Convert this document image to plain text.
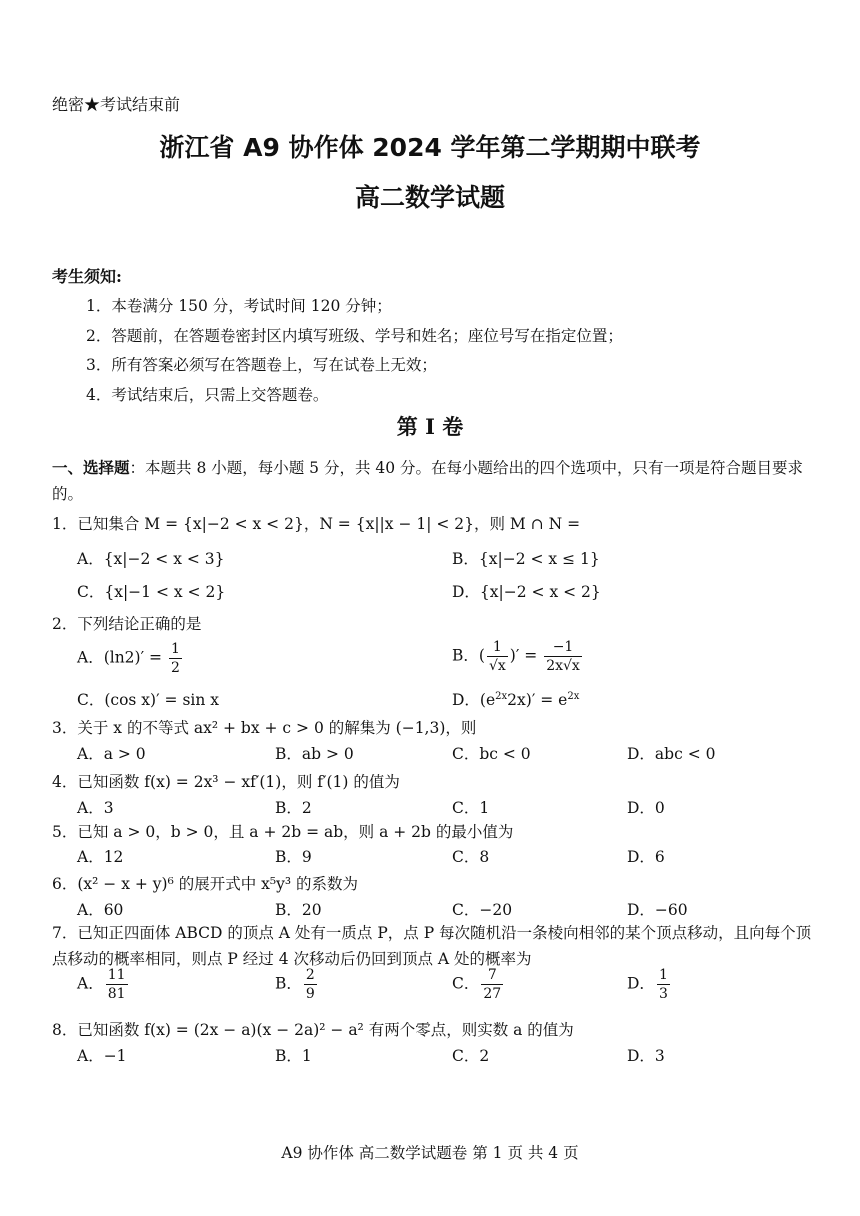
绝密★考试结束前
浙江省 A9 协作体 2024 学年第二学期期中联考
高二数学试题
考生须知:
1．本卷满分 150 分，考试时间 120 分钟；
2．答题前，在答题卷密封区内填写班级、学号和姓名；座位号写在指定位置；
3．所有答案必须写在答题卷上，写在试卷上无效；
4．考试结束后，只需上交答题卷。
第 I 卷
一、选择题：本题共 8 小题，每小题 5 分，共 40 分。在每小题给出的四个选项中，只有一项是符合题目要求的。
1．已知集合 M = {x|−2 < x < 2}，N = {x||x − 1| < 2}，则 M ∩ N =
A．{x|−2 < x < 3}	B．{x|−2 < x ≤ 1}
C．{x|−1 < x < 2}	D．{x|−2 < x < 2}
2．下列结论正确的是
A．$(\ln 2)' = \frac{1}{2}$	B．( $\frac{1}{√x}$ )′ = $\frac{-1}{2x√x}$
C．(cos x)′ = sin x	D．$(e^{2x}2x)' = e^{2x}$
3．关于 x 的不等式 ax² + bx + c > 0 的解集为 (−1,3)，则
A．a > 0	B．ab > 0	C．bc < 0	D．abc < 0
4．已知函数 f(x) = 2x³ − xf′(1)，则 f′(1) 的值为
A．3	B．2	C．1	D．0
5．已知 a > 0，b > 0，且 a + 2b = ab，则 a + 2b 的最小值为
A．12	B．9	C．8	D．6
6．(x² − x + y)⁶ 的展开式中 x⁵y³ 的系数为
A．60	B．20	C．−20	D．−60
7．已知正四面体 ABCD 的顶点 A 处有一质点 P，点 P 每次随机沿一条棱向相邻的某个顶点移动，且向每个顶点移动的概率相同，则点 P 经过 4 次移动后仍回到顶点 A 处的概率为
A． $\frac{11}{81}$	B． $\frac{2}{9}$	C． $\frac{7}{27}$	D． $\frac{1}{3}$
8．已知函数 f(x) = (2x − a)(x − 2a)² − a² 有两个零点，则实数 a 的值为
A．−1	B．1	C．2	D．3
A9 协作体 高二数学试题卷 第 1 页 共 4 页
